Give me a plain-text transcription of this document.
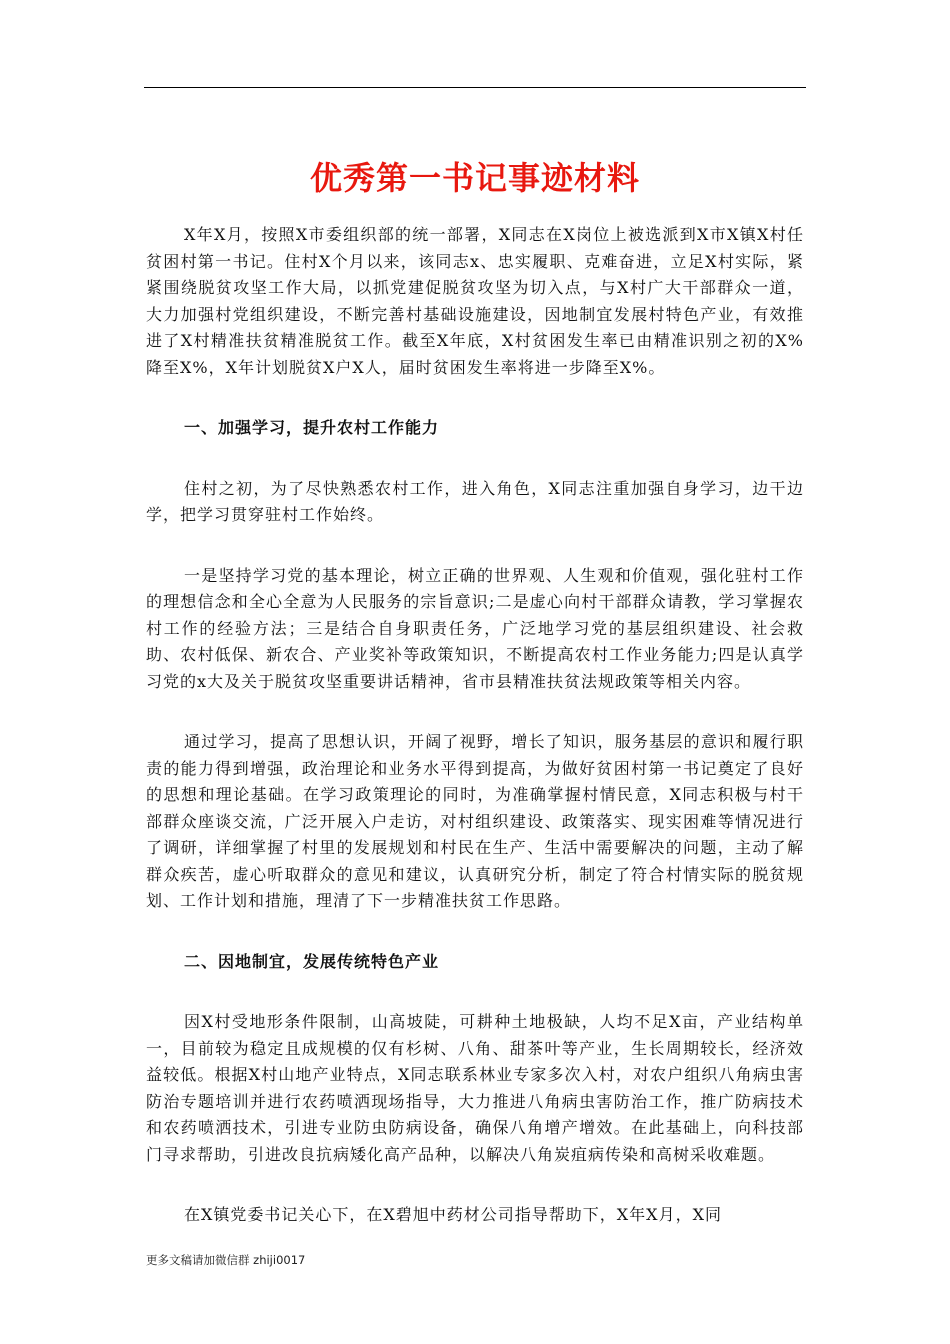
优秀第一书记事迹材料

X年X月，按照X市委组织部的统一部署，X同志在X岗位上被选派到X市X镇X村任贫困村第一书记。住村X个月以来，该同志x、忠实履职、克难奋进，立足X村实际，紧紧围绕脱贫攻坚工作大局，以抓党建促脱贫攻坚为切入点，与X村广大干部群众一道，大力加强村党组织建设，不断完善村基础设施建设，因地制宜发展村特色产业，有效推进了X村精准扶贫精准脱贫工作。截至X年底，X村贫困发生率已由精准识别之初的X%降至X%，X年计划脱贫X户X人，届时贫困发生率将进一步降至X%。

一、加强学习，提升农村工作能力

住村之初，为了尽快熟悉农村工作，进入角色，X同志注重加强自身学习，边干边学，把学习贯穿驻村工作始终。

一是坚持学习党的基本理论，树立正确的世界观、人生观和价值观，强化驻村工作的理想信念和全心全意为人民服务的宗旨意识;二是虚心向村干部群众请教，学习掌握农村工作的经验方法；三是结合自身职责任务，广泛地学习党的基层组织建设、社会救助、农村低保、新农合、产业奖补等政策知识，不断提高农村工作业务能力;四是认真学习党的x大及关于脱贫攻坚重要讲话精神，省市县精准扶贫法规政策等相关内容。

通过学习，提高了思想认识，开阔了视野，增长了知识，服务基层的意识和履行职责的能力得到增强，政治理论和业务水平得到提高，为做好贫困村第一书记奠定了良好的思想和理论基础。在学习政策理论的同时，为准确掌握村情民意，X同志积极与村干部群众座谈交流，广泛开展入户走访，对村组织建设、政策落实、现实困难等情况进行了调研，详细掌握了村里的发展规划和村民在生产、生活中需要解决的问题，主动了解群众疾苦，虚心听取群众的意见和建议，认真研究分析，制定了符合村情实际的脱贫规划、工作计划和措施，理清了下一步精准扶贫工作思路。

二、因地制宜，发展传统特色产业

因X村受地形条件限制，山高坡陡，可耕种土地极缺，人均不足X亩，产业结构单一，目前较为稳定且成规模的仅有杉树、八角、甜茶叶等产业，生长周期较长，经济效益较低。根据X村山地产业特点，X同志联系林业专家多次入村，对农户组织八角病虫害防治专题培训并进行农药喷洒现场指导，大力推进八角病虫害防治工作，推广防病技术和农药喷洒技术，引进专业防虫防病设备，确保八角增产增效。在此基础上，向科技部门寻求帮助，引进改良抗病矮化高产品种，以解决八角炭疽病传染和高树采收难题。

在X镇党委书记关心下，在X碧旭中药材公司指导帮助下，X年X月，X同

更多文稿请加微信群 zhiji0017
